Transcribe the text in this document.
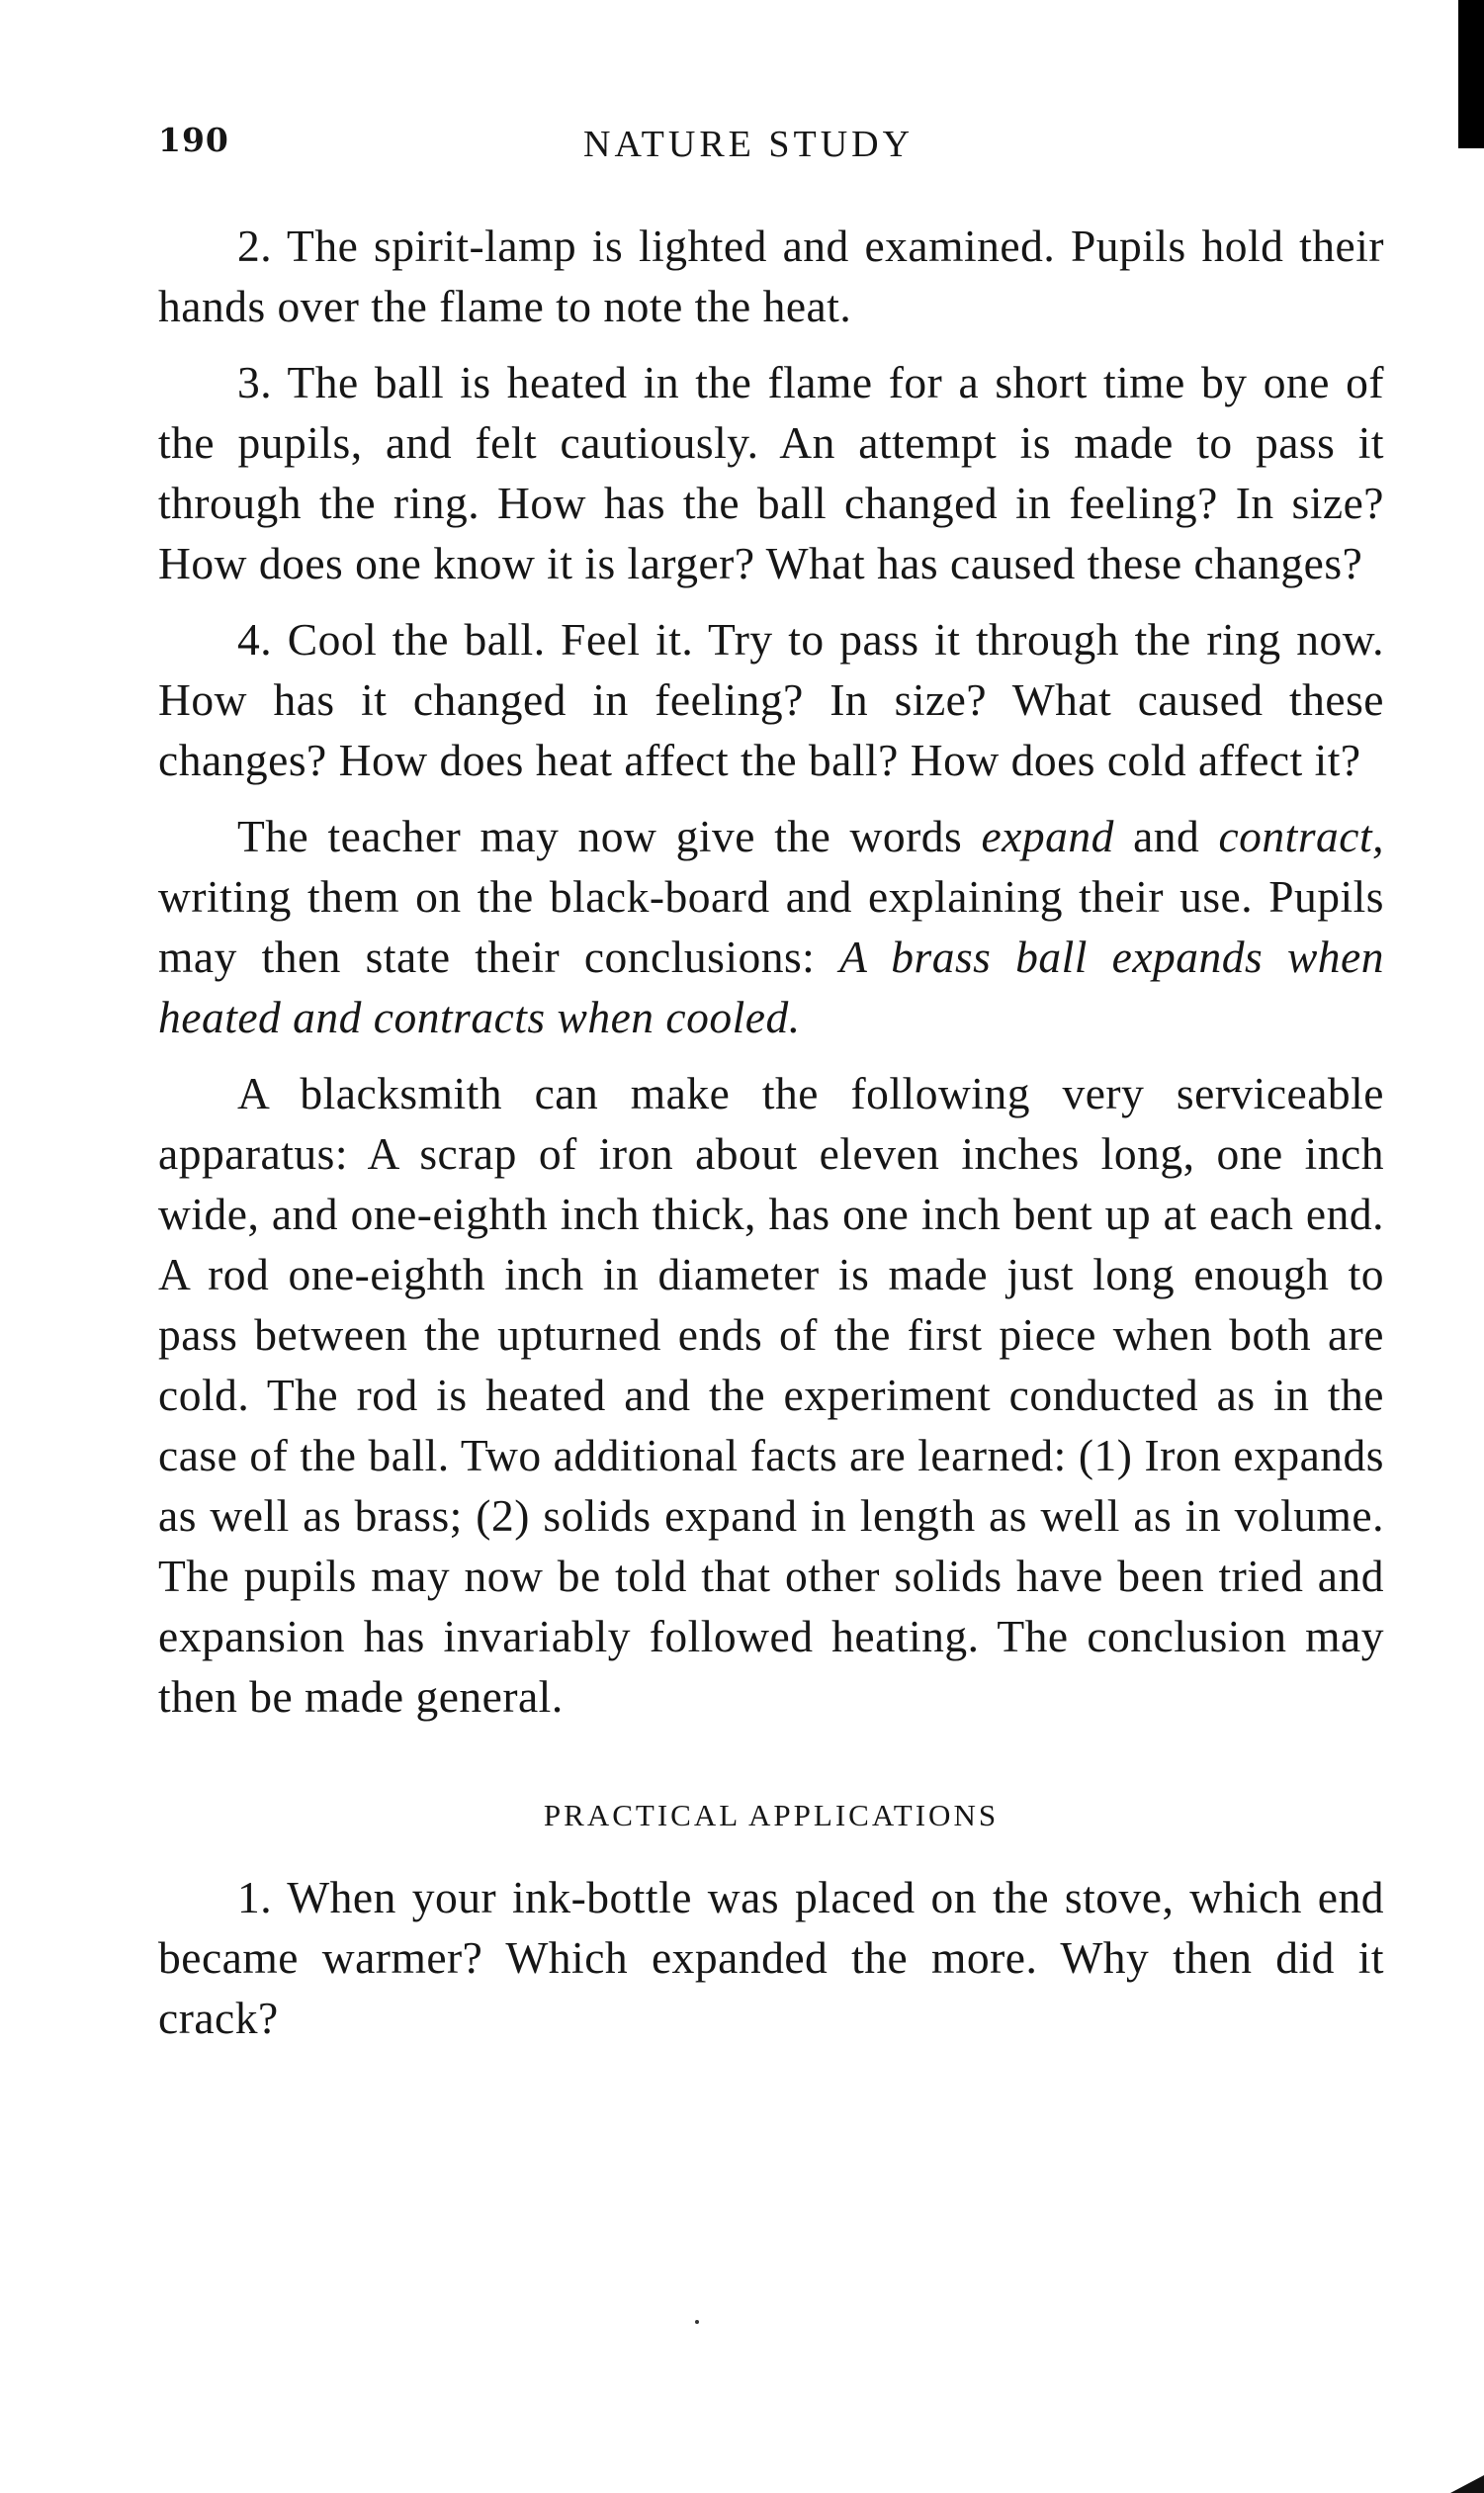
190	NATURE STUDY

2. The spirit-lamp is lighted and examined. Pupils hold their hands over the flame to note the heat.

3. The ball is heated in the flame for a short time by one of the pupils, and felt cautiously. An attempt is made to pass it through the ring. How has the ball changed in feeling? In size? How does one know it is larger? What has caused these changes?

4. Cool the ball. Feel it. Try to pass it through the ring now. How has it changed in feeling? In size? What caused these changes? How does heat affect the ball? How does cold affect it?

The teacher may now give the words expand and contract, writing them on the black-board and explaining their use. Pupils may then state their conclusions: A brass ball expands when heated and contracts when cooled.

A blacksmith can make the following very serviceable apparatus: A scrap of iron about eleven inches long, one inch wide, and one-eighth inch thick, has one inch bent up at each end. A rod one-eighth inch in diameter is made just long enough to pass between the upturned ends of the first piece when both are cold. The rod is heated and the experiment conducted as in the case of the ball. Two additional facts are learned: (1) Iron expands as well as brass; (2) solids expand in length as well as in volume. The pupils may now be told that other solids have been tried and expansion has invariably followed heating. The conclusion may then be made general.

PRACTICAL APPLICATIONS

1. When your ink-bottle was placed on the stove, which end became warmer? Which expanded the more. Why then did it crack?
